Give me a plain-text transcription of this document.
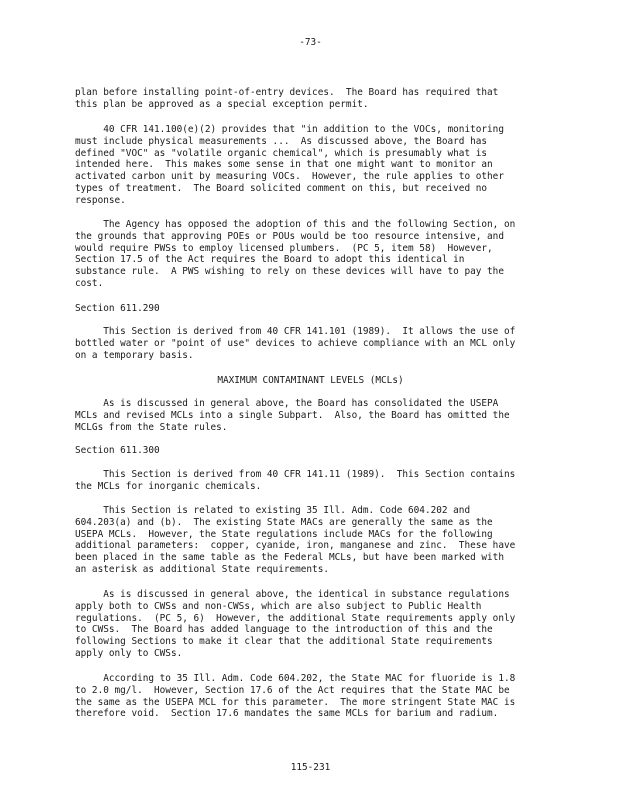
-73-
plan before installing point-of-entry devices.  The Board has required that
this plan be approved as a special exception permit.
40 CFR 141.100(e)(2) provides that "in addition to the VOCs, monitoring
must include physical measurements ...  As discussed above, the Board has
defined "VOC" as "volatile organic chemical", which is presumably what is
intended here.  This makes some sense in that one might want to monitor an
activated carbon unit by measuring VOCs.  However, the rule applies to other
types of treatment.  The Board solicited comment on this, but received no
response.
The Agency has opposed the adoption of this and the following Section, on
the grounds that approving POEs or POUs would be too resource intensive, and
would require PWSs to employ licensed plumbers.  (PC 5, item 58)  However,
Section 17.5 of the Act requires the Board to adopt this identical in
substance rule.  A PWS wishing to rely on these devices will have to pay the
cost.
Section 611.290
This Section is derived from 40 CFR 141.101 (1989).  It allows the use of
bottled water or "point of use" devices to achieve compliance with an MCL only
on a temporary basis.
As is discussed in general above, the Board has consolidated the USEPA
MCLs and revised MCLs into a single Subpart.  Also, the Board has omitted the
MCLGs from the State rules.
Section 611.300
This Section is derived from 40 CFR 141.11 (1989).  This Section contains
the MCLs for inorganic chemicals.
This Section is related to existing 35 Ill. Adm. Code 604.202 and
604.203(a) and (b).  The existing State MACs are generally the same as the
USEPA MCLs.  However, the State regulations include MACs for the following
additional parameters:  copper, cyanide, iron, manganese and zinc.  These have
been placed in the same table as the Federal MCLs, but have been marked with
an asterisk as additional State requirements.
As is discussed in general above, the identical in substance regulations
apply both to CWSs and non-CWSs, which are also subject to Public Health
regulations.  (PC 5, 6)  However, the additional State requirements apply only
to CWSs.  The Board has added language to the introduction of this and the
following Sections to make it clear that the additional State requirements
apply only to CWSs.
According to 35 Ill. Adm. Code 604.202, the State MAC for fluoride is 1.8
to 2.0 mg/l.  However, Section 17.6 of the Act requires that the State MAC be
the same as the USEPA MCL for this parameter.  The more stringent State MAC is
therefore void.  Section 17.6 mandates the same MCLs for barium and radium.
MAXIMUM CONTAMINANT LEVELS (MCLs)
115-231
